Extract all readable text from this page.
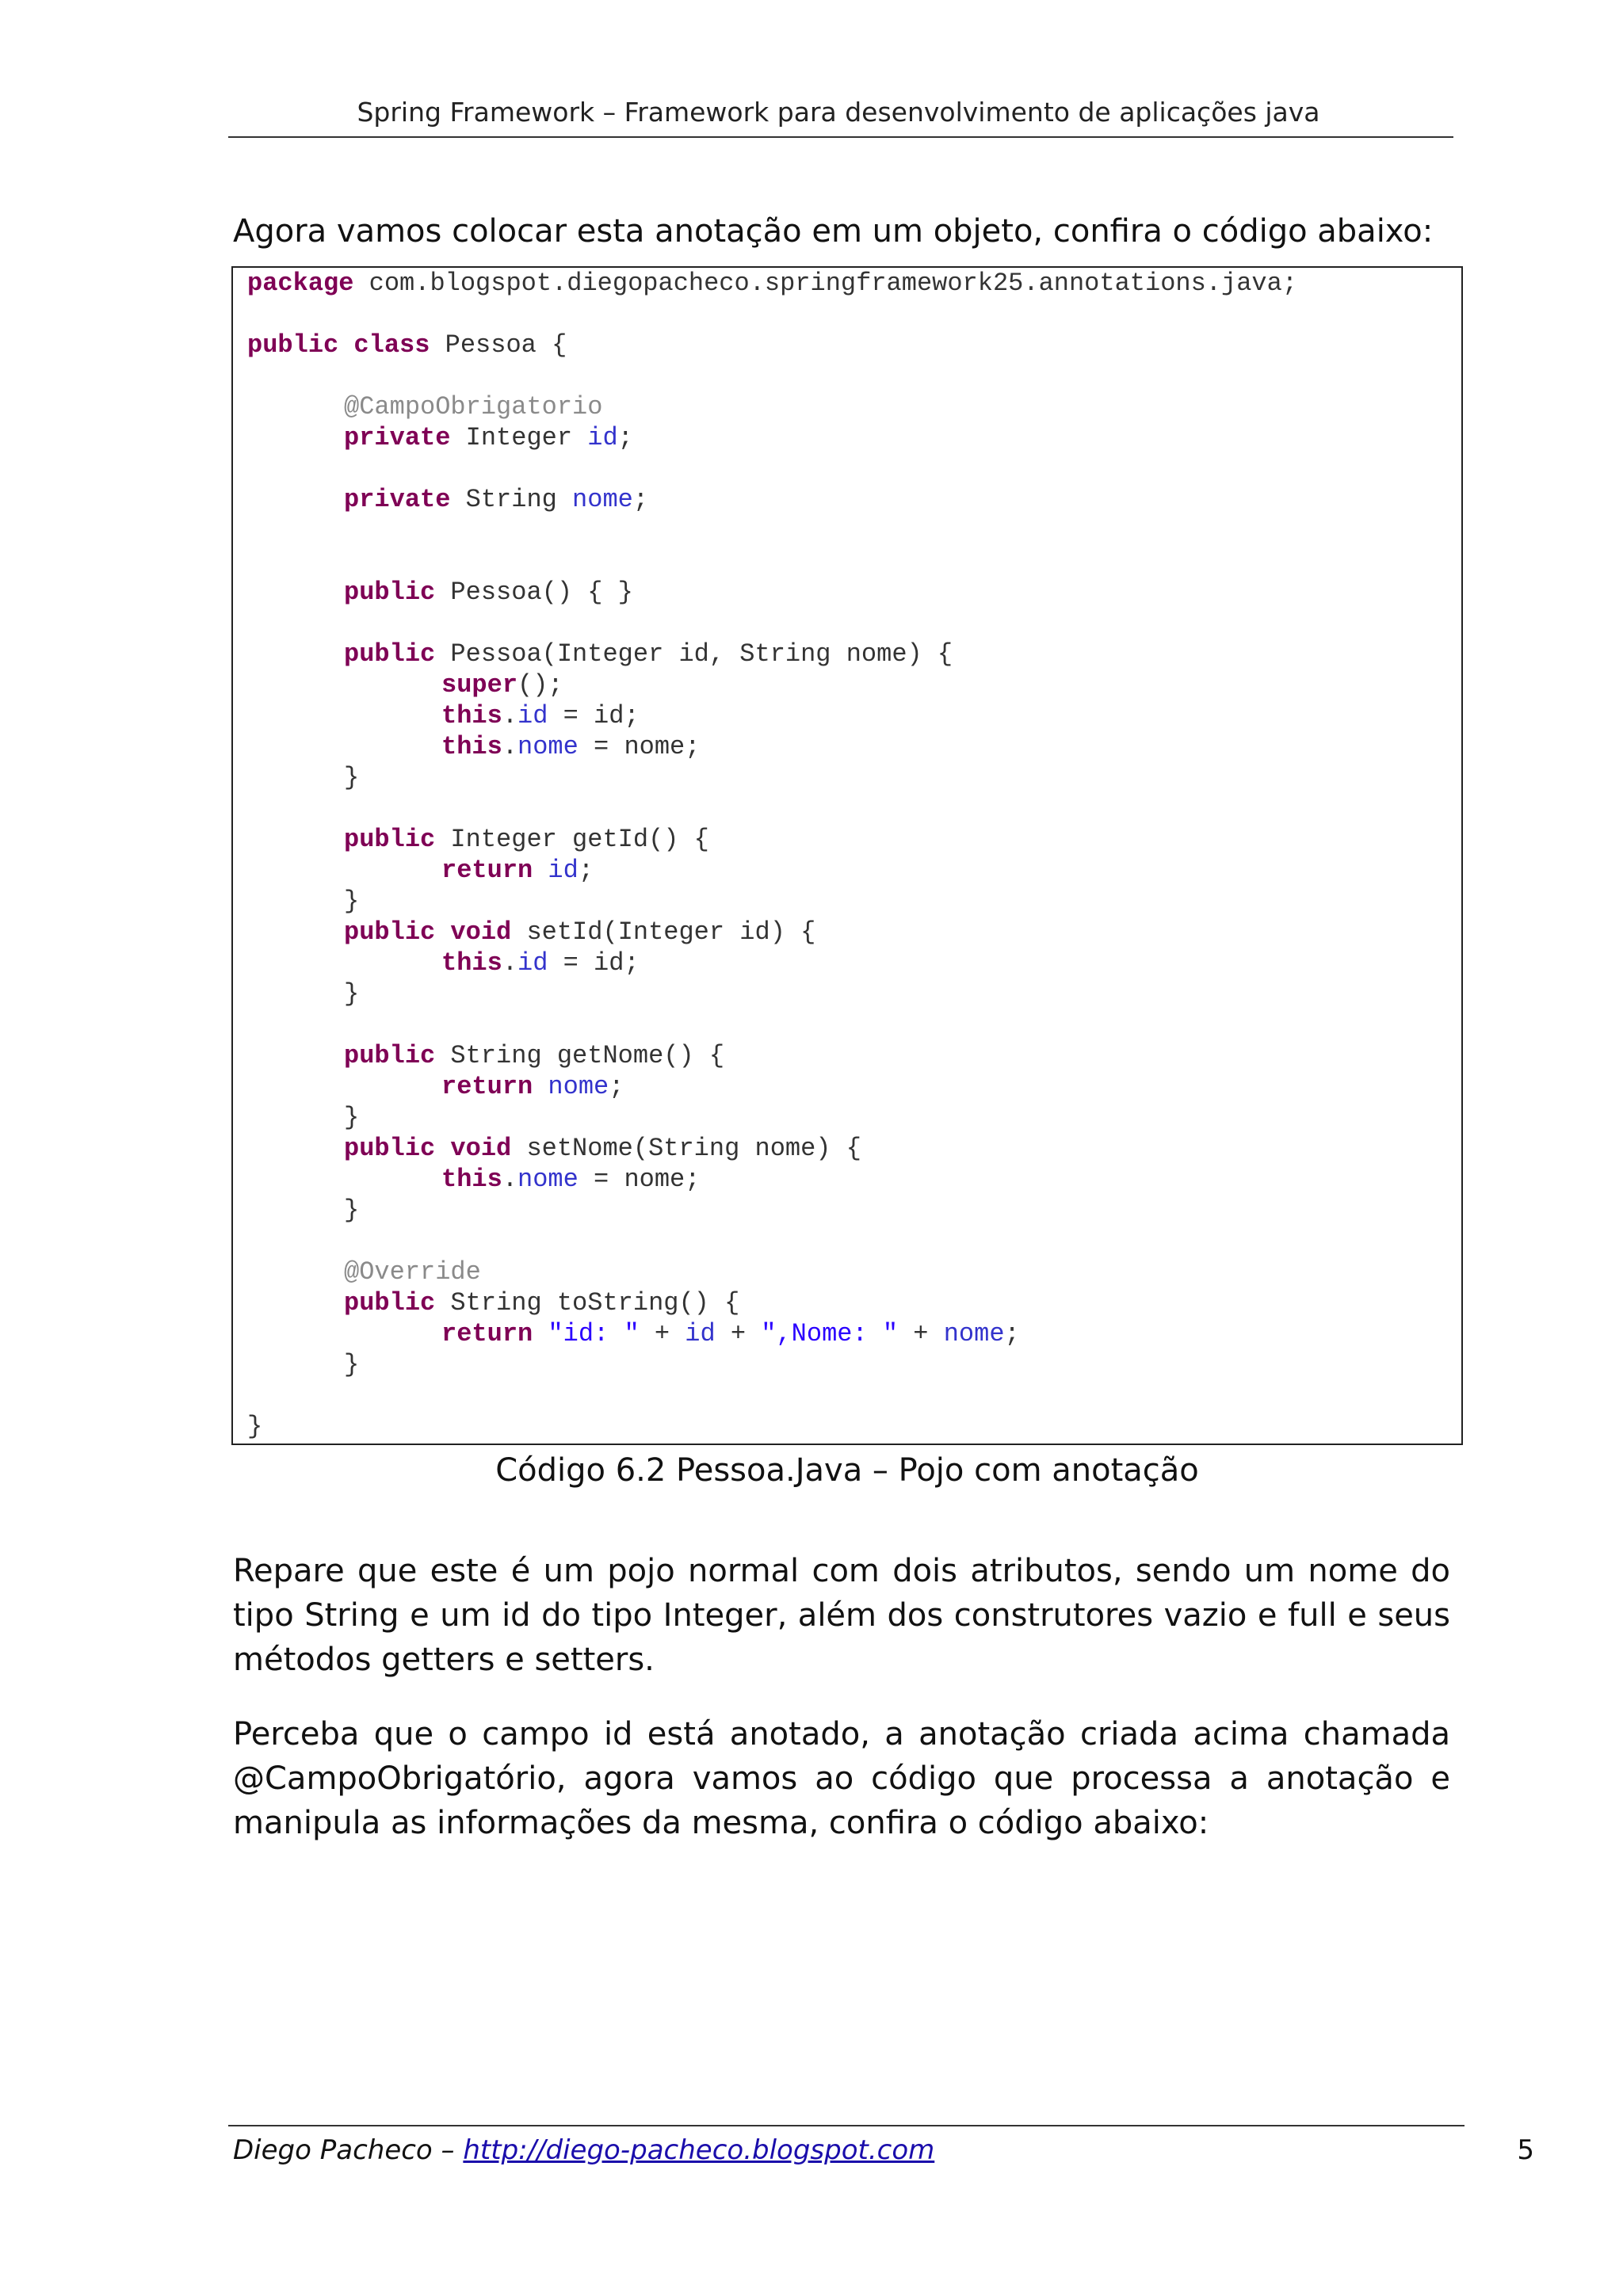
Spring Framework – Framework para desenvolvimento de aplicações java

Agora vamos colocar esta anotação em um objeto, confira o código abaixo:

package com.blogspot.diegopacheco.springframework25.annotations.java;
public class Pessoa {
@CampoObrigatorio
private Integer id;
private String nome;
public Pessoa() { }
public Pessoa(Integer id, String nome) {
super();
this.id = id;
this.nome = nome;
}
public Integer getId() {
return id;
}
public void setId(Integer id) {
this.id = id;
}
public String getNome() {
return nome;
}
public void setNome(String nome) {
this.nome = nome;
}
@Override
public String toString() {
return "id: " + id + ",Nome: " + nome;
}
}
Código 6.2 Pessoa.Java – Pojo com anotação

Repare que este é um pojo normal com dois atributos, sendo um nome do tipo String e um id do tipo Integer, além dos construtores vazio e full e seus métodos getters e setters.

Perceba que o campo id está anotado, a anotação criada acima chamada @CampoObrigatório, agora vamos ao código que processa a anotação e manipula as informações da mesma, confira o código abaixo:

Diego Pacheco – http://diego-pacheco.blogspot.com	5
